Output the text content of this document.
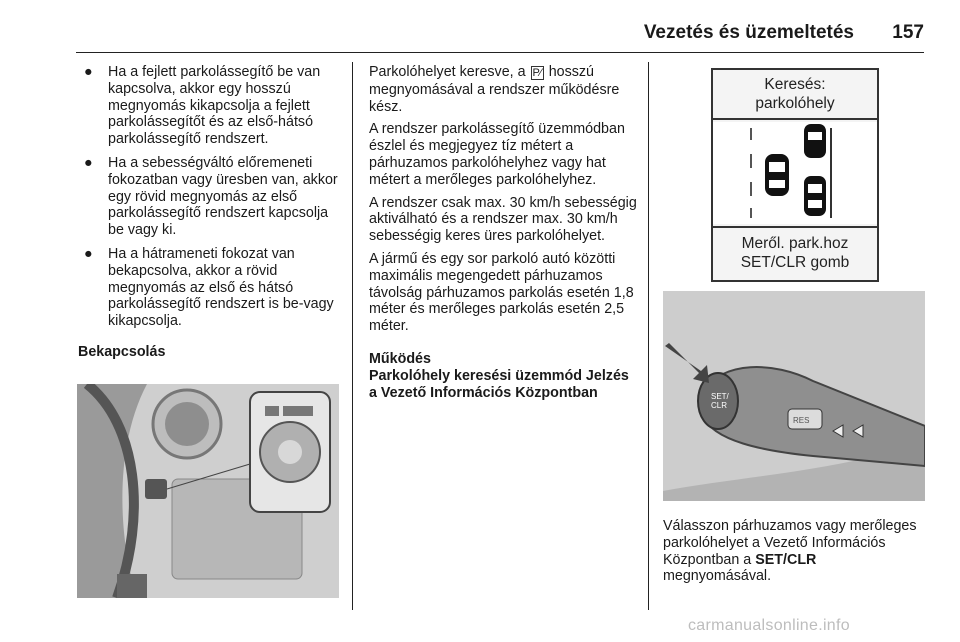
Vezetés és üzemeltetés 157
● Ha a fejlett parkolássegítő be van kapcsolva, akkor egy hosszú megnyomás kikapcsolja a fejlett parkolássegítőt és az első-hátsó parkolássegítő rendszert.
● Ha a sebességváltó előremeneti fokozatban vagy üresben van, akkor egy rövid megnyomás az első parkolássegítő rendszert kapcsolja be vagy ki.
● Ha a hátrameneti fokozat van bekapcsolva, akkor a rövid megnyomás az első és hátsó parkolássegítő rendszert is be-vagy kikapcsolja.

Bekapcsolás

Parkolóhelyet keresve, a P⁄ hosszú megnyomásával a rendszer működésre kész.

A rendszer parkolássegítő üzemmódban észlel és megjegyez tíz métert a párhuzamos parkolóhelyhez vagy hat métert a merőleges parkolóhelyhez.

A rendszer csak max. 30 km/h sebességig aktiválható és a rendszer max. 30 km/h sebességig keres üres parkolóhelyet.

A jármű és egy sor parkoló autó közötti maximális megengedett párhuzamos távolság párhuzamos parkolás esetén 1,8 méter és merőleges parkolás esetén 2,5 méter.

Működés

Parkolóhely keresési üzemmód Jelzés a Vezető Információs Központban

Keresés:
parkolóhely
Meről. park.hoz
SET/CLR gomb
SET/
CLR
RES

Válasszon párhuzamos vagy merőleges parkolóhelyet a Vezető Információs Központban a SET/CLR megnyomásával.

carmanualsonline.info
